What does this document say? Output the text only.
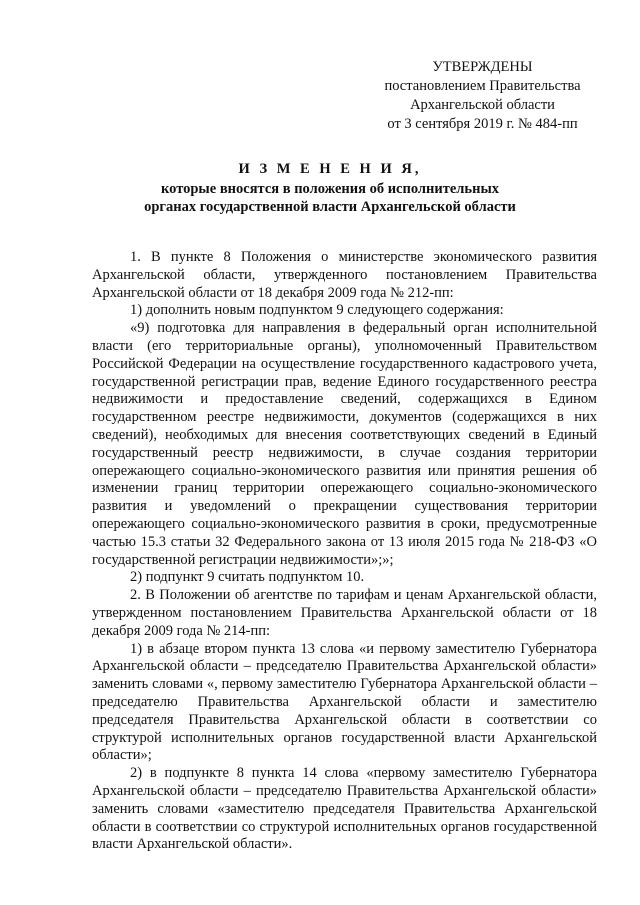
УТВЕРЖДЕНЫ
постановлением Правительства
Архангельской области
от 3 сентября 2019 г. № 484-пп
И З М Е Н Е Н И Я,
которые вносятся в положения об исполнительных
органах государственной власти Архангельской области

1. В пункте 8 Положения о министерстве экономического развития Архангельской области, утвержденного постановлением Правительства Архангельской области от 18 декабря 2009 года № 212-пп:

1) дополнить новым подпунктом 9 следующего содержания:

«9) подготовка для направления в федеральный орган исполнительной власти (его территориальные органы), уполномоченный Правительством Российской Федерации на осуществление государственного кадастрового учета, государственной регистрации прав, ведение Единого государственного реестра недвижимости и предоставление сведений, содержащихся в Едином государственном реестре недвижимости, документов (содержащихся в них сведений), необходимых для внесения соответствующих сведений в Единый государственный реестр недвижимости, в случае создания территории опережающего социально-экономического развития или принятия решения об изменении границ территории опережающего социально-экономического развития и уведомлений о прекращении существования территории опережающего социально-экономического развития в сроки, предусмотренные частью 15.3 статьи 32 Федерального закона от 13 июля 2015 года № 218-ФЗ «О государственной регистрации недвижимости»;»;

2) подпункт 9 считать подпунктом 10.

2. В Положении об агентстве по тарифам и ценам Архангельской области, утвержденном постановлением Правительства Архангельской области от 18 декабря 2009 года № 214-пп:

1) в абзаце втором пункта 13 слова «и первому заместителю Губернатора Архангельской области – председателю Правительства Архангельской области» заменить словами «, первому заместителю Губернатора Архангельской области – председателю Правительства Архангельской области и заместителю председателя Правительства Архангельской области в соответствии со структурой исполнительных органов государственной власти Архангельской области»;

2) в подпункте 8 пункта 14 слова «первому заместителю Губернатора Архангельской области – председателю Правительства Архангельской области» заменить словами «заместителю председателя Правительства Архангельской области в соответствии со структурой исполнительных органов государственной власти Архангельской области».
